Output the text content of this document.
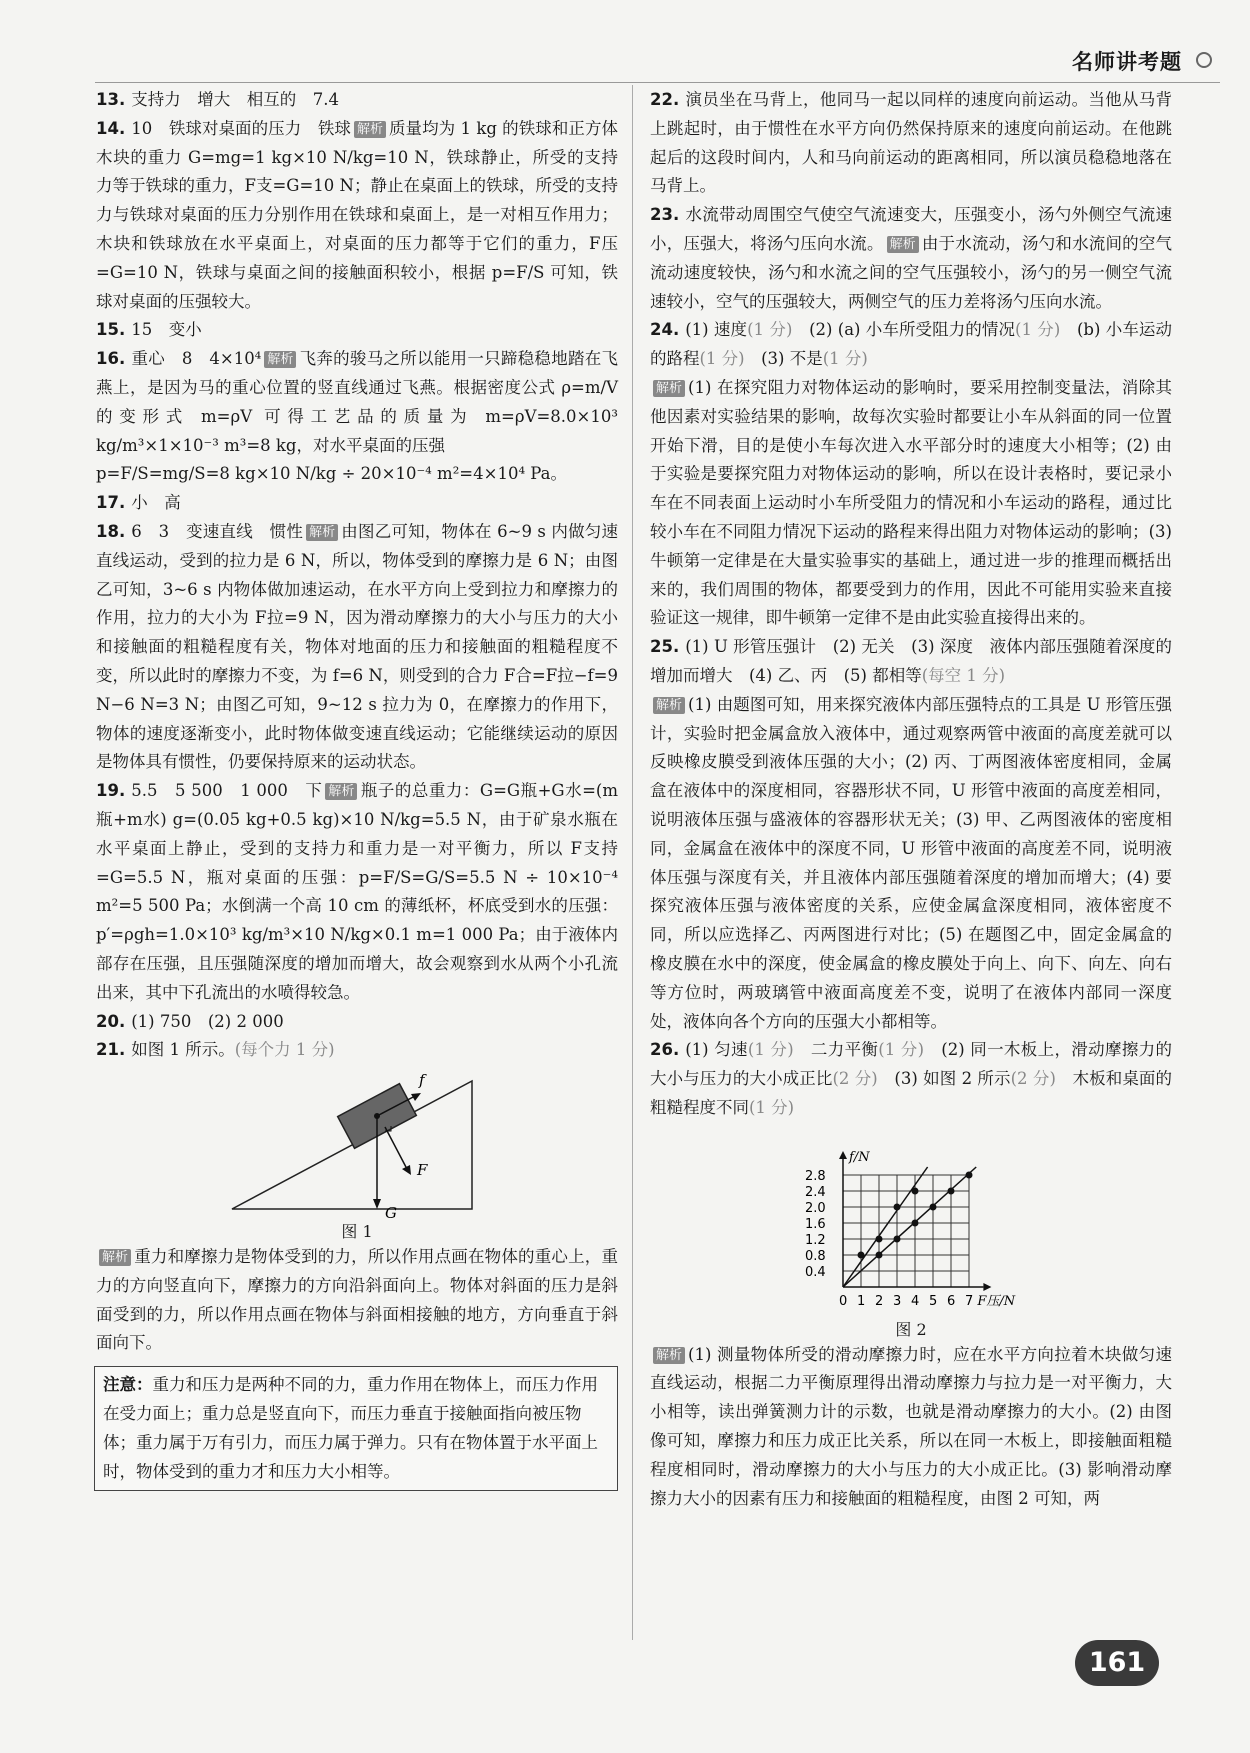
名师讲考题

13. 支持力　增大　相互的　7.4

14. 10　铁球对桌面的压力　铁球 解析 质量均为 1 kg 的铁球和正方体木块的重力 G=mg=1 kg×10 N/kg=10 N，铁球静止，所受的支持力等于铁球的重力，F支=G=10 N；静止在桌面上的铁球，所受的支持力与铁球对桌面的压力分别作用在铁球和桌面上，是一对相互作用力；木块和铁球放在水平桌面上，对桌面的压力都等于它们的重力，F压=G=10 N，铁球与桌面之间的接触面积较小，根据 p=F/S 可知，铁球对桌面的压强较大。

15. 15　变小

16. 重心　8　4×10⁴ 解析 飞奔的骏马之所以能用一只蹄稳稳地踏在飞燕上，是因为马的重心位置的竖直线通过飞燕。根据密度公式 ρ=m/V 的变形式 m=ρV 可得工艺品的质量为 m=ρV=8.0×10³ kg/m³×1×10⁻³ m³=8 kg，对水平桌面的压强
p=F/S=mg/S=8 kg×10 N/kg ÷ 20×10⁻⁴ m²=4×10⁴ Pa。

17. 小　高

18. 6　3　变速直线　惯性 解析 由图乙可知，物体在 6~9 s 内做匀速直线运动，受到的拉力是 6 N，所以，物体受到的摩擦力是 6 N；由图乙可知，3~6 s 内物体做加速运动，在水平方向上受到拉力和摩擦力的作用，拉力的大小为 F拉=9 N，因为滑动摩擦力的大小与压力的大小和接触面的粗糙程度有关，物体对地面的压力和接触面的粗糙程度不变，所以此时的摩擦力不变，为 f=6 N，则受到的合力 F合=F拉−f=9 N−6 N=3 N；由图乙可知，9~12 s 拉力为 0，在摩擦力的作用下，物体的速度逐渐变小，此时物体做变速直线运动；它能继续运动的原因是物体具有惯性，仍要保持原来的运动状态。

19. 5.5　5 500　1 000　下 解析 瓶子的总重力：G=G瓶+G水=(m瓶+m水) g=(0.05 kg+0.5 kg)×10 N/kg=5.5 N，由于矿泉水瓶在水平桌面上静止，受到的支持力和重力是一对平衡力，所以 F支持=G=5.5 N，瓶对桌面的压强：p=F/S=G/S=5.5 N ÷ 10×10⁻⁴ m²=5 500 Pa；水倒满一个高 10 cm 的薄纸杯，杯底受到水的压强：p′=ρgh=1.0×10³ kg/m³×10 N/kg×0.1 m=1 000 Pa；由于液体内部存在压强，且压强随深度的增加而增大，故会观察到水从两个小孔流出来，其中下孔流出的水喷得较急。

20. (1) 750　(2) 2 000

21. 如图 1 所示。(每个力 1 分)

f
G
F
图 1

解析 重力和摩擦力是物体受到的力，所以作用点画在物体的重心上，重力的方向竖直向下，摩擦力的方向沿斜面向上。物体对斜面的压力是斜面受到的力，所以作用点画在物体与斜面相接触的地方，方向垂直于斜面向下。

注意：重力和压力是两种不同的力，重力作用在物体上，而压力作用在受力面上；重力总是竖直向下，而压力垂直于接触面指向被压物体；重力属于万有引力，而压力属于弹力。只有在物体置于水平面上时，物体受到的重力才和压力大小相等。

22. 演员坐在马背上，他同马一起以同样的速度向前运动。当他从马背上跳起时，由于惯性在水平方向仍然保持原来的速度向前运动。在他跳起后的这段时间内，人和马向前运动的距离相同，所以演员稳稳地落在马背上。

23. 水流带动周围空气使空气流速变大，压强变小，汤勺外侧空气流速小，压强大，将汤勺压向水流。 解析 由于水流动，汤勺和水流间的空气流动速度较快，汤勺和水流之间的空气压强较小，汤勺的另一侧空气流速较小，空气的压强较大，两侧空气的压力差将汤勺压向水流。

24. (1) 速度(1 分)　 (2) (a) 小车所受阻力的情况(1 分)　 (b) 小车运动的路程(1 分)　 (3) 不是(1 分)
解析 (1) 在探究阻力对物体运动的影响时，要采用控制变量法，消除其他因素对实验结果的影响，故每次实验时都要让小车从斜面的同一位置开始下滑，目的是使小车每次进入水平部分时的速度大小相等；(2) 由于实验是要探究阻力对物体运动的影响，所以在设计表格时，要记录小车在不同表面上运动时小车所受阻力的情况和小车运动的路程，通过比较小车在不同阻力情况下运动的路程来得出阻力对物体运动的影响；(3) 牛顿第一定律是在大量实验事实的基础上，通过进一步的推理而概括出来的，我们周围的物体，都要受到力的作用，因此不可能用实验来直接验证这一规律，即牛顿第一定律不是由此实验直接得出来的。

25. (1) U 形管压强计　(2) 无关　(3) 深度　液体内部压强随着深度的增加而增大　(4) 乙、丙　(5) 都相等(每空 1 分)
解析 (1) 由题图可知，用来探究液体内部压强特点的工具是 U 形管压强计，实验时把金属盒放入液体中，通过观察两管中液面的高度差就可以反映橡皮膜受到液体压强的大小；(2) 丙、丁两图液体密度相同，金属盒在液体中的深度相同，容器形状不同，U 形管中液面的高度差相同，说明液体压强与盛液体的容器形状无关；(3) 甲、乙两图液体的密度相同，金属盒在液体中的深度不同，U 形管中液面的高度差不同，说明液体压强与深度有关，并且液体内部压强随着深度的增加而增大；(4) 要探究液体压强与液体密度的关系，应使金属盒深度相同，液体密度不同，所以应选择乙、丙两图进行对比；(5) 在题图乙中，固定金属盒的橡皮膜在水中的深度，使金属盒的橡皮膜处于向上、向下、向左、向右等方位时，两玻璃管中液面高度差不变，说明了在液体内部同一深度处，液体向各个方向的压强大小都相等。

26. (1) 匀速(1 分)　 二力平衡(1 分)　 (2) 同一木板上，滑动摩擦力的大小与压力的大小成正比(2 分)　 (3) 如图 2 所示(2 分)　 木板和桌面的粗糙程度不同(1 分)

0 1 2 3 4 5 6 7
0.4
0.8
1.2
1.6
2.0
2.4
2.8
f/N
F压/N
图 2

解析 (1) 测量物体所受的滑动摩擦力时，应在水平方向拉着木块做匀速直线运动，根据二力平衡原理得出滑动摩擦力与拉力是一对平衡力，大小相等，读出弹簧测力计的示数，也就是滑动摩擦力的大小。(2) 由图像可知，摩擦力和压力成正比关系，所以在同一木板上，即接触面粗糙程度相同时，滑动摩擦力的大小与压力的大小成正比。(3) 影响滑动摩擦力大小的因素有压力和接触面的粗糙程度，由图 2 可知，两

161
